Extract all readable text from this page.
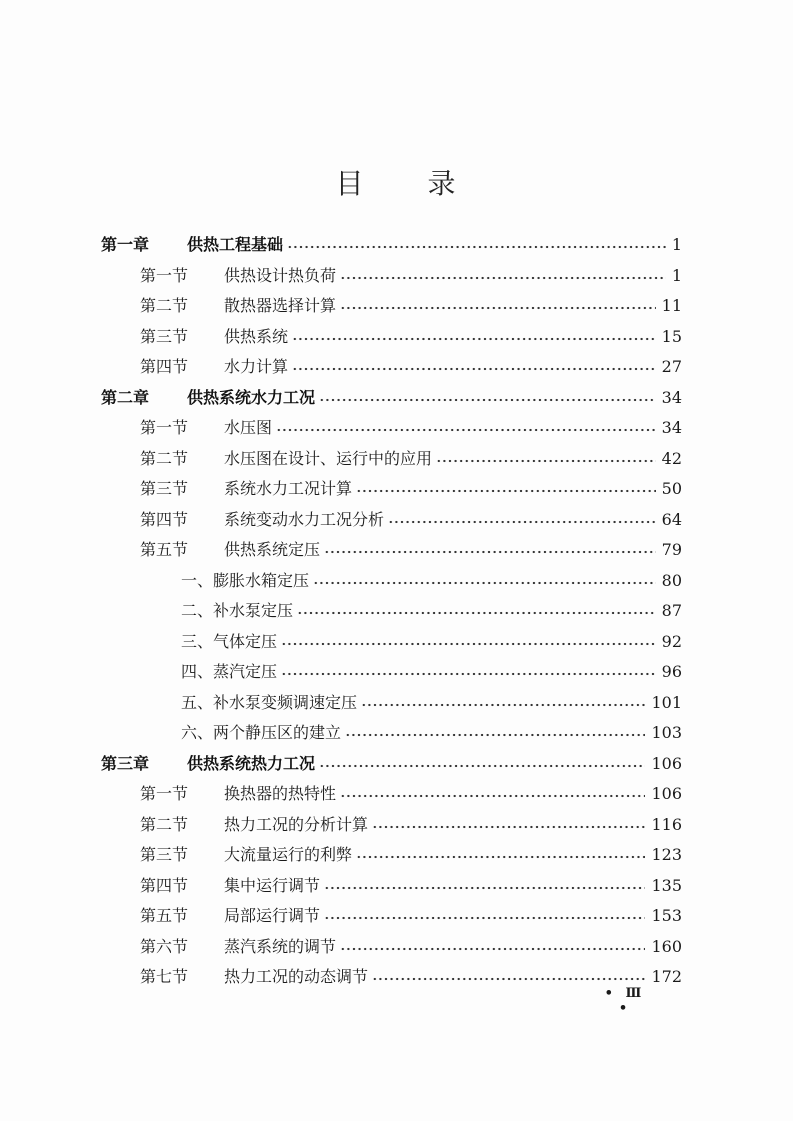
目 录
第一章 供热工程基础	1
第一节 供热设计热负荷	1
第二节 散热器选择计算	11
第三节 供热系统	15
第四节 水力计算	27
第二章 供热系统水力工况	34
第一节 水压图	34
第二节 水压图在设计、运行中的应用	42
第三节 系统水力工况计算	50
第四节 系统变动水力工况分析	64
第五节 供热系统定压	79
一、膨胀水箱定压	80
二、补水泵定压	87
三、气体定压	92
四、蒸汽定压	96
五、补水泵变频调速定压	101
六、两个静压区的建立	103
第三章 供热系统热力工况	106
第一节 换热器的热特性	106
第二节 热力工况的分析计算	116
第三节 大流量运行的利弊	123
第四节 集中运行调节	135
第五节 局部运行调节	153
第六节 蒸汽系统的调节	160
第七节 热力工况的动态调节	172
• Ⅲ •
